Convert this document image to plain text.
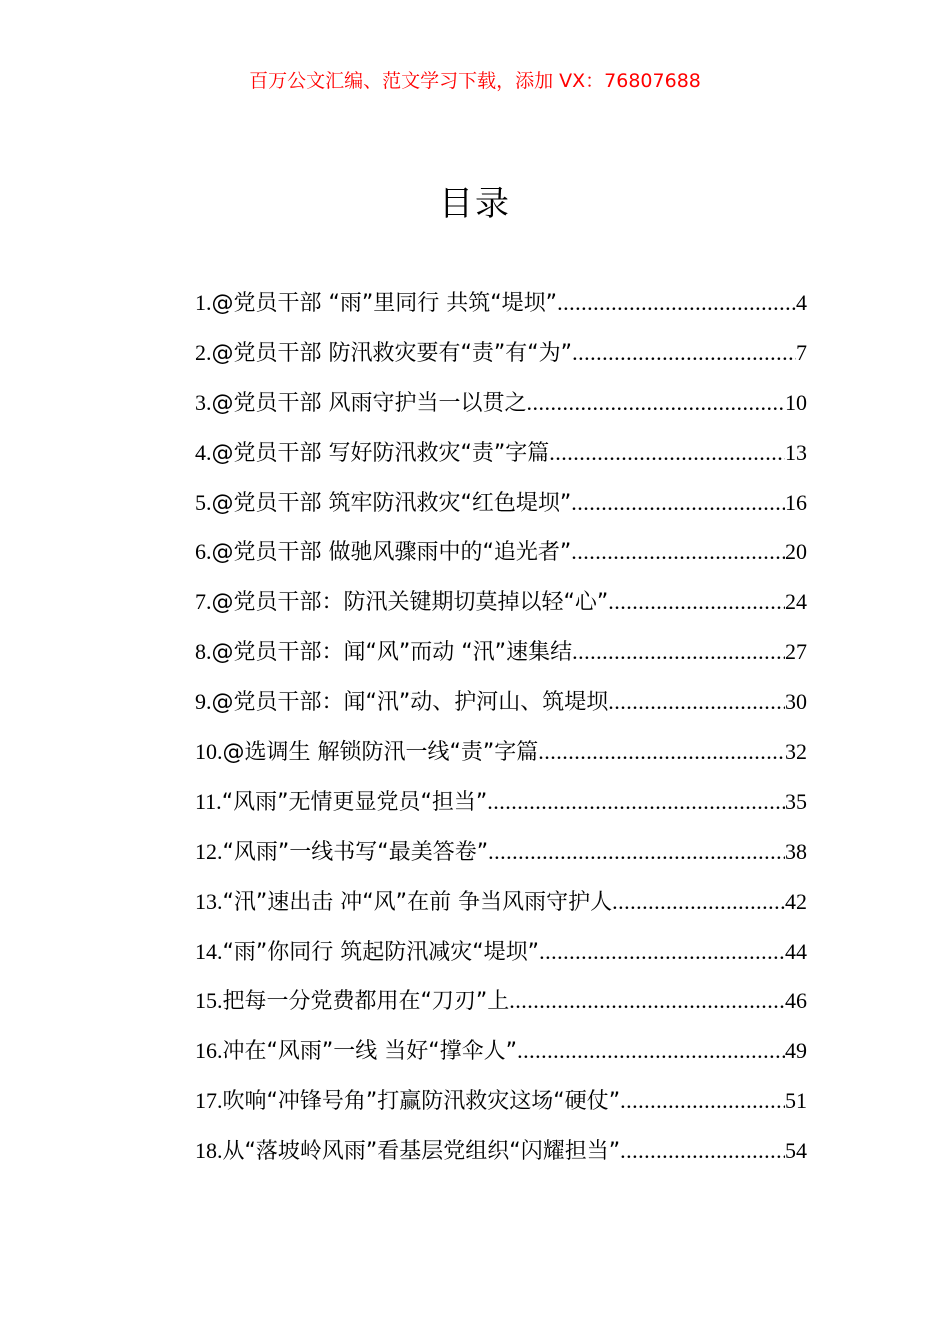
百万公文汇编、范文学习下载，添加 VX：76807688
目录
1. @党员干部 “雨”里同行 共筑“堤坝” .....	4
2. @党员干部 防汛救灾要有“责”有“为” .....	7
3. @党员干部 风雨守护当一以贯之 .....	10
4. @党员干部 写好防汛救灾“责”字篇 .....	13
5. @党员干部 筑牢防汛救灾“红色堤坝” .....	16
6. @党员干部 做驰风骤雨中的“追光者” .....	20
7. @党员干部：防汛关键期切莫掉以轻“心” .....	24
8. @党员干部：闻“风”而动 “汛”速集结 .....	27
9. @党员干部：闻“汛”动、护河山、筑堤坝 .....	30
10. @选调生 解锁防汛一线“责”字篇 .....	32
11. “风雨”无情更显党员“担当” .....	35
12. “风雨”一线书写“最美答卷” .....	38
13. “汛”速出击 冲“风”在前 争当风雨守护人 .....	42
14. “雨”你同行 筑起防汛减灾“堤坝” .....	44
15. 把每一分党费都用在“刀刃”上 .....	46
16. 冲在“风雨”一线 当好“撑伞人” .....	49
17. 吹响“冲锋号角”打赢防汛救灾这场“硬仗” .....	51
18. 从“落坡岭风雨”看基层党组织“闪耀担当” .....	54
